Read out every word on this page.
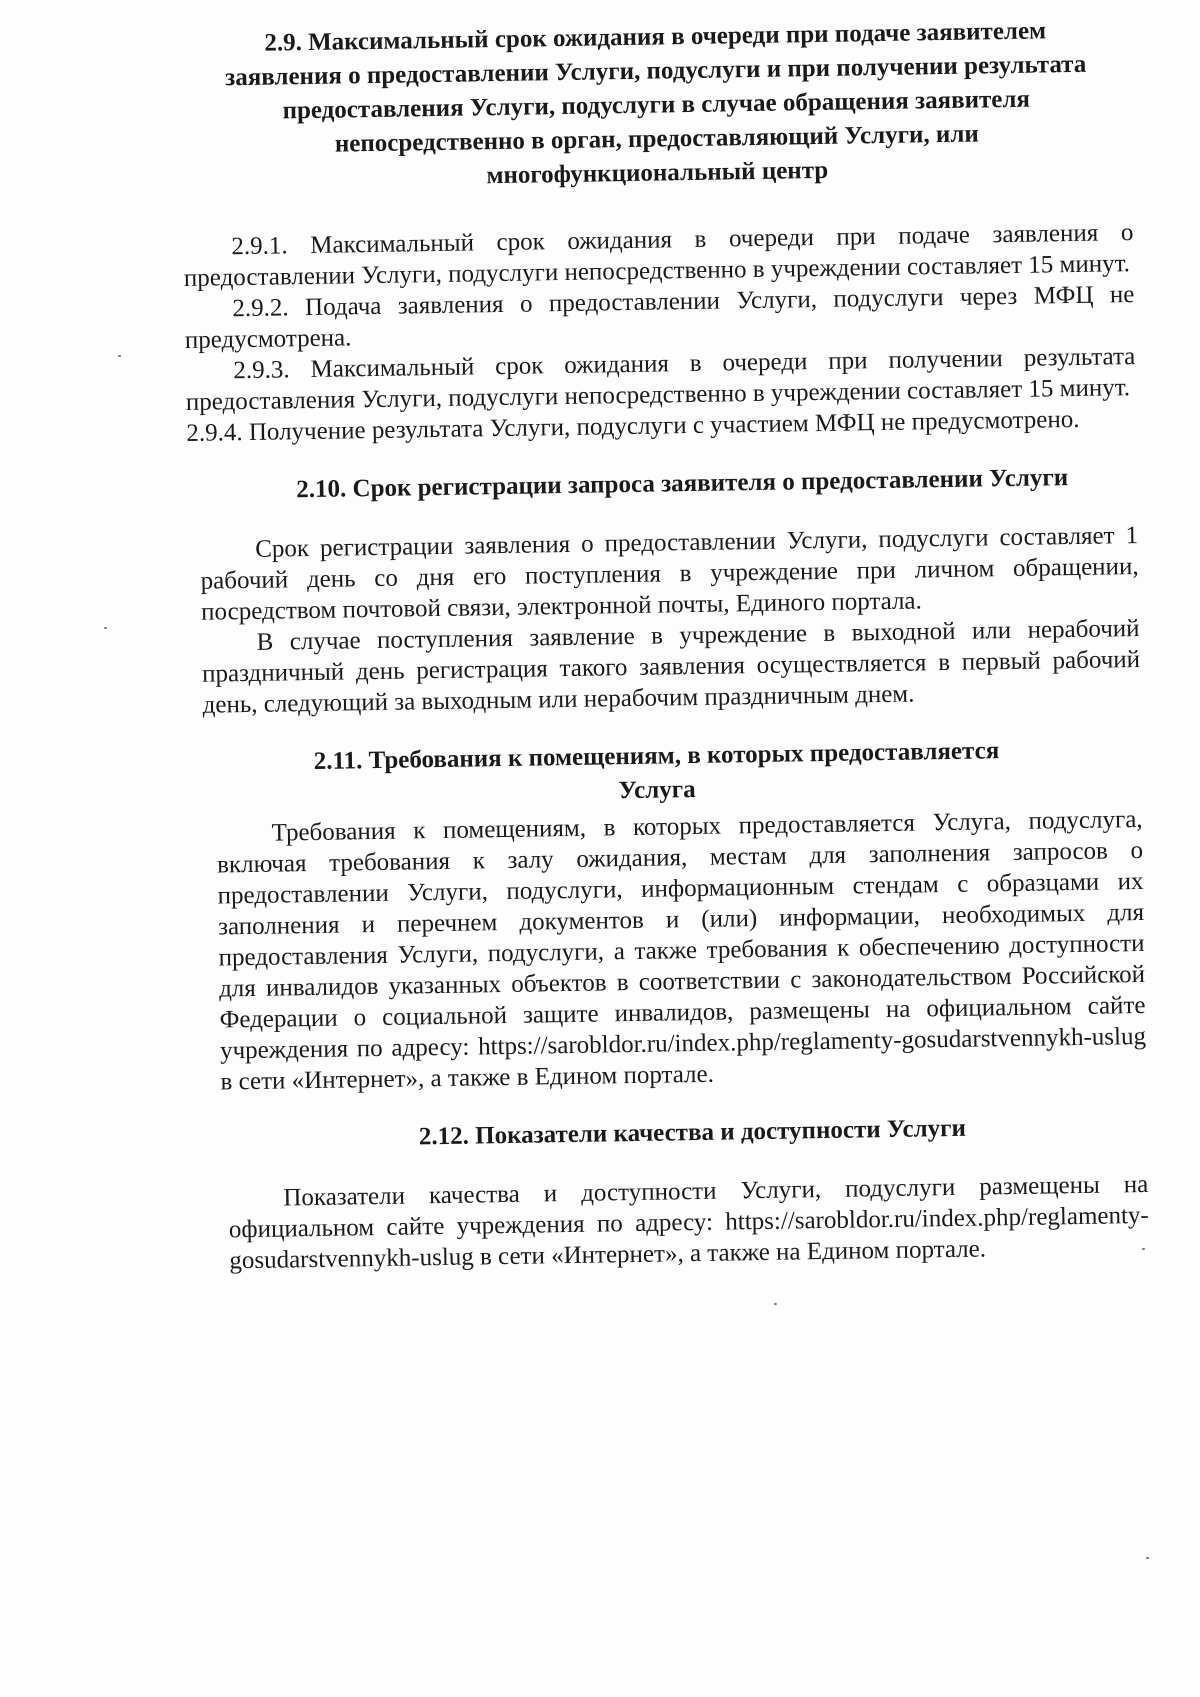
2.9. Максимальный срок ожидания в очереди при подаче заявителем заявления о предоставлении Услуги, подуслуги и при получении результата предоставления Услуги, подуслуги в случае обращения заявителя непосредственно в орган, предоставляющий Услуги, или многофункциональный центр

2.9.1. Максимальный срок ожидания в очереди при подаче заявления о предоставлении Услуги, подуслуги непосредственно в учреждении составляет 15 минут.

2.9.2. Подача заявления о предоставлении Услуги, подуслуги через МФЦ не предусмотрена.

2.9.3. Максимальный срок ожидания в очереди при получении результата предоставления Услуги, подуслуги непосредственно в учреждении составляет 15 минут.

2.9.4. Получение результата Услуги, подуслуги с участием МФЦ не предусмотрено.

2.10. Срок регистрации запроса заявителя о предоставлении Услуги

Срок регистрации заявления о предоставлении Услуги, подуслуги составляет 1 рабочий день со дня его поступления в учреждение при личном обращении, посредством почтовой связи, электронной почты, Единого портала.

В случае поступления заявление в учреждение в выходной или нерабочий праздничный день регистрация такого заявления осуществляется в первый рабочий день, следующий за выходным или нерабочим праздничным днем.

2.11. Требования к помещениям, в которых предоставляется Услуга

Требования к помещениям, в которых предоставляется Услуга, подуслуга, включая требования к залу ожидания, местам для заполнения запросов о предоставлении Услуги, подуслуги, информационным стендам с образцами их заполнения и перечнем документов и (или) информации, необходимых для предоставления Услуги, подуслуги, а также требования к обеспечению доступности для инвалидов указанных объектов в соответствии с законодательством Российской Федерации о социальной защите инвалидов, размещены на официальном сайте учреждения по адресу: https://sarobldor.ru/index.php/reglamenty-gosudarstvennykh-uslug в сети «Интернет», а также в Едином портале.

2.12. Показатели качества и доступности Услуги

Показатели качества и доступности Услуги, подуслуги размещены на официальном сайте учреждения по адресу: https://sarobldor.ru/index.php/reglamenty-gosudarstvennykh-uslug в сети «Интернет», а также на Едином портале.
